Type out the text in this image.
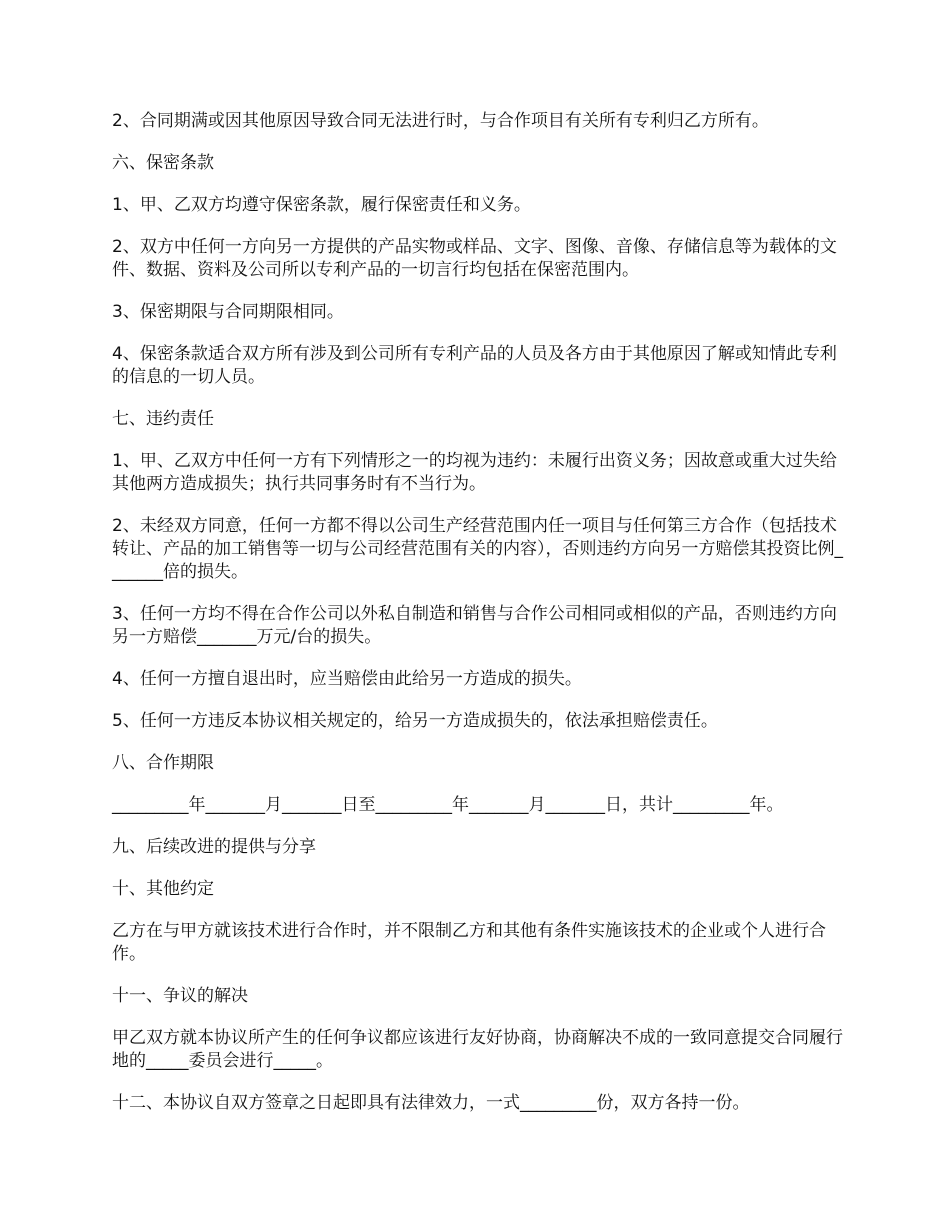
2、合同期满或因其他原因导致合同无法进行时，与合作项目有关所有专利归乙方所有。

六、保密条款

1、甲、乙双方均遵守保密条款，履行保密责任和义务。

2、双方中任何一方向另一方提供的产品实物或样品、文字、图像、音像、存储信息等为载体的文件、数据、资料及公司所以专利产品的一切言行均包括在保密范围内。

3、保密期限与合同期限相同。

4、保密条款适合双方所有涉及到公司所有专利产品的人员及各方由于其他原因了解或知情此专利的信息的一切人员。

七、违约责任

1、甲、乙双方中任何一方有下列情形之一的均视为违约：未履行出资义务；因故意或重大过失给其他两方造成损失；执行共同事务时有不当行为。

2、未经双方同意，任何一方都不得以公司生产经营范围内任一项目与任何第三方合作（包括技术转让、产品的加工销售等一切与公司经营范围有关的内容），否则违约方向另一方赔偿其投资比例_______倍的损失。

3、任何一方均不得在合作公司以外私自制造和销售与合作公司相同或相似的产品，否则违约方向另一方赔偿_______万元/台的损失。

4、任何一方擅自退出时，应当赔偿由此给另一方造成的损失。

5、任何一方违反本协议相关规定的，给另一方造成损失的，依法承担赔偿责任。

八、合作期限

_________年_______月_______日至_________年_______月_______日，共计_________年。

九、后续改进的提供与分享

十、其他约定

乙方在与甲方就该技术进行合作时，并不限制乙方和其他有条件实施该技术的企业或个人进行合作。

十一、争议的解决

甲乙双方就本协议所产生的任何争议都应该进行友好协商，协商解决不成的一致同意提交合同履行地的_____委员会进行_____。

十二、本协议自双方签章之日起即具有法律效力，一式_________份，双方各持一份。
